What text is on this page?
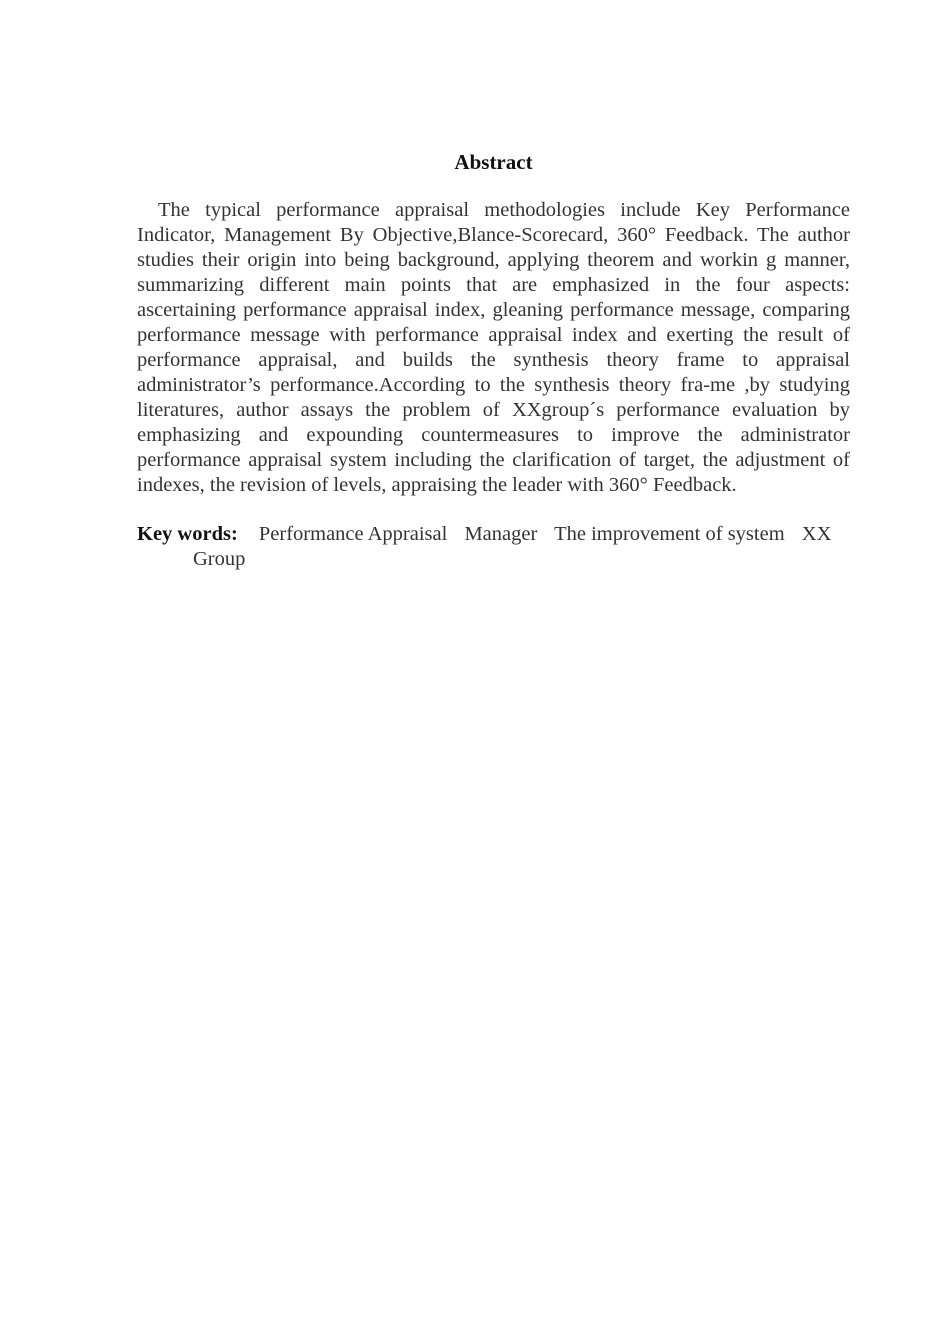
Abstract

The typical performance appraisal methodologies include Key Performance Indicator, Management By Objective,Blance-Scorecard, 360° Feedback. The author studies their origin into being background, applying theorem and workin g manner, summarizing different main points that are emphasized in the four aspects: ascertaining performance appraisal index, gleaning performance message, comparing performance message with performance appraisal index and exerting the result of performance appraisal, and builds the synthesis theory frame to appraisal administrator’s performance.According to the synthesis theory fra-me ,by studying literatures, author assays the problem of XXgroup´s performance evaluation by emphasizing and expounding countermeasures to improve the administrator performance appraisal system including the clarification of target, the adjustment of indexes, the revision of levels, appraising the leader with 360° Feedback.

Key words: Performance Appraisal Manager The improvement of system XX Group
